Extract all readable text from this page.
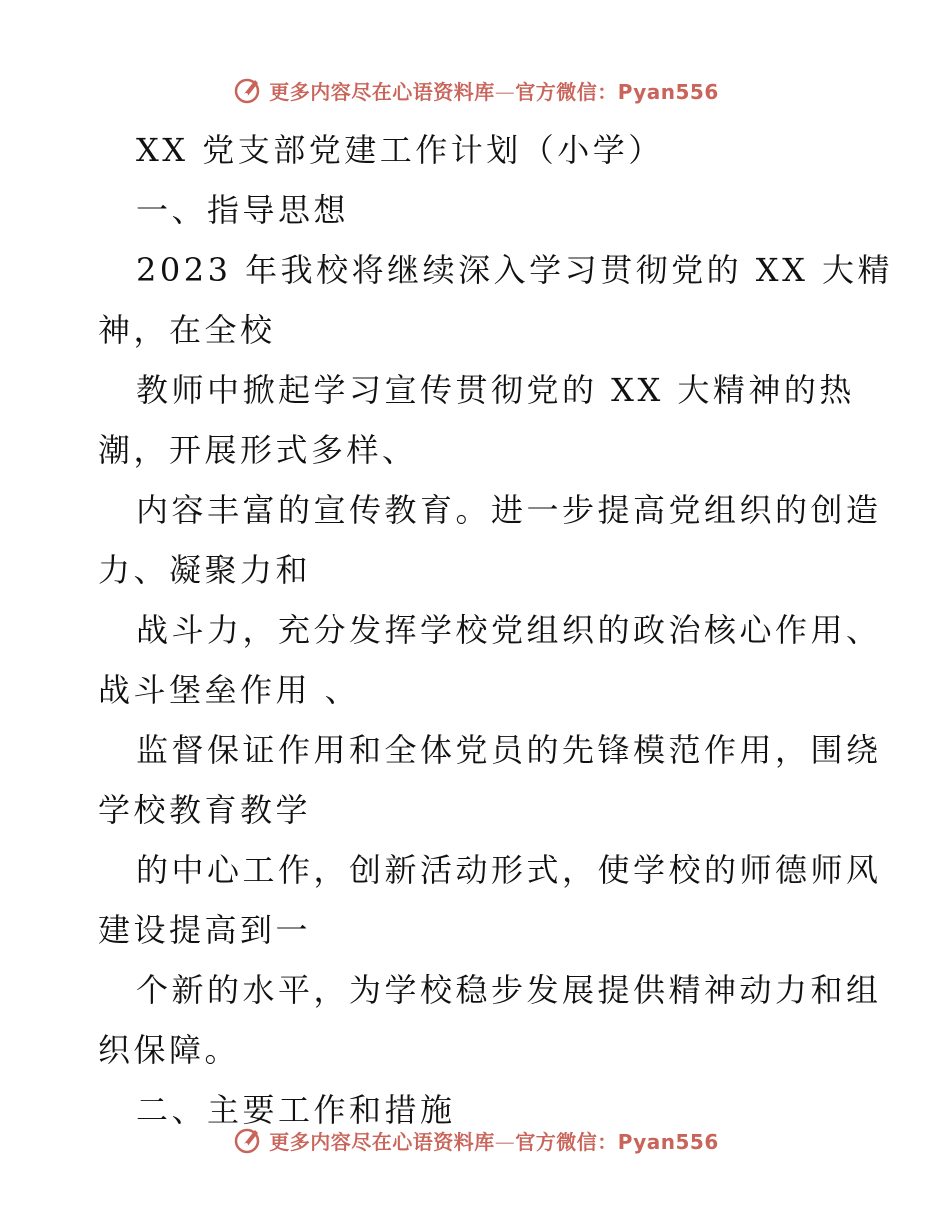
更多内容尽在心语资料库—官方微信：Pyan556
XX 党支部党建工作计划（小学）
一、指导思想
2023 年我校将继续深入学习贯彻党的 XX 大精
神，在全校
教师中掀起学习宣传贯彻党的 XX 大精神的热
潮，开展形式多样、
内容丰富的宣传教育。进一步提高党组织的创造
力、凝聚力和
战斗力，充分发挥学校党组织的政治核心作用、
战斗堡垒作用 、
监督保证作用和全体党员的先锋模范作用，围绕
学校教育教学
的中心工作，创新活动形式，使学校的师德师风
建设提高到一
个新的水平，为学校稳步发展提供精神动力和组
织保障。
二、主要工作和措施
更多内容尽在心语资料库—官方微信：Pyan556
